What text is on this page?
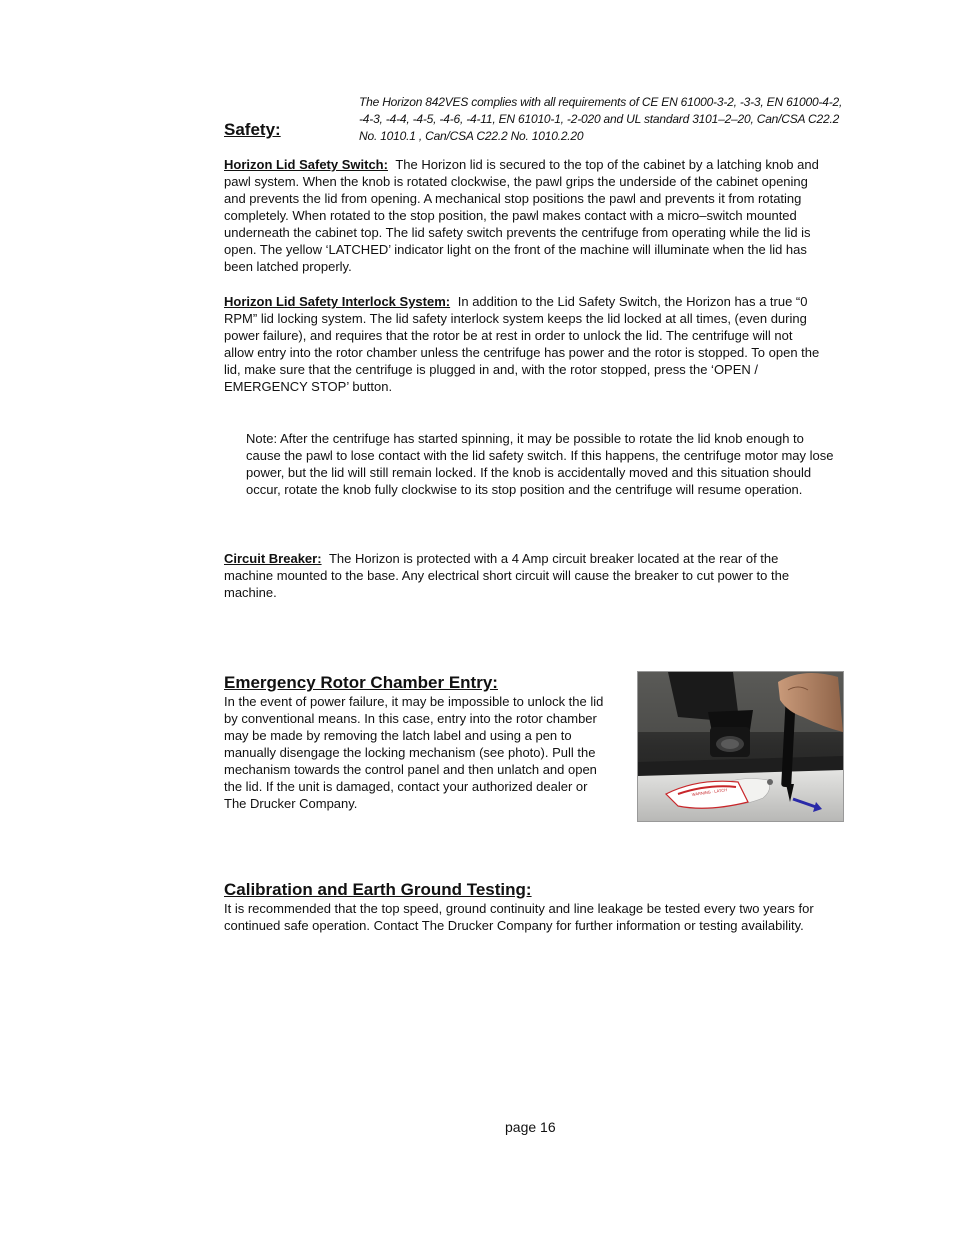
The Horizon 842VES complies with all requirements of CE EN 61000-3-2, -3-3, EN 61000-4-2, -4-3, -4-4, -4-5, -4-6, -4-11, EN 61010-1, -2-020 and UL standard 3101–2–20, Can/CSA C22.2 No. 1010.1 , Can/CSA C22.2 No. 1010.2.20
Safety:

Horizon Lid Safety Switch: The Horizon lid is secured to the top of the cabinet by a latching knob and pawl system. When the knob is rotated clockwise, the pawl grips the underside of the cabinet opening and prevents the lid from opening. A mechanical stop positions the pawl and prevents it from rotating completely. When rotated to the stop position, the pawl makes contact with a micro–switch mounted underneath the cabinet top. The lid safety switch prevents the centrifuge from operating while the lid is open. The yellow ‘LATCHED’ indicator light on the front of the machine will illuminate when the lid has been latched properly.

Horizon Lid Safety Interlock System: In addition to the Lid Safety Switch, the Horizon has a true “0 RPM” lid locking system. The lid safety interlock system keeps the lid locked at all times, (even during power failure), and requires that the rotor be at rest in order to unlock the lid. The centrifuge will not allow entry into the rotor chamber unless the centrifuge has power and the rotor is stopped. To open the lid, make sure that the centrifuge is plugged in and, with the rotor stopped, press the ‘OPEN / EMERGENCY STOP’ button.

Note: After the centrifuge has started spinning, it may be possible to rotate the lid knob enough to cause the pawl to lose contact with the lid safety switch. If this happens, the centrifuge motor may lose power, but the lid will still remain locked. If the knob is accidentally moved and this situation should occur, rotate the knob fully clockwise to its stop position and the centrifuge will resume operation.

Circuit Breaker: The Horizon is protected with a 4 Amp circuit breaker located at the rear of the machine mounted to the base. Any electrical short circuit will cause the breaker to cut power to the machine.

Emergency Rotor Chamber Entry:

In the event of power failure, it may be impossible to unlock the lid by conventional means. In this case, entry into the rotor chamber may be made by removing the latch label and using a pen to manually disengage the locking mechanism (see photo). Pull the mechanism towards the control panel and then unlatch and open the lid. If the unit is damaged, contact your authorized dealer or The Drucker Company.

WARNING · LATCH
Calibration and Earth Ground Testing:

It is recommended that the top speed, ground continuity and line leakage be tested every two years for continued safe operation. Contact The Drucker Company for further information or testing availability.

page 16
